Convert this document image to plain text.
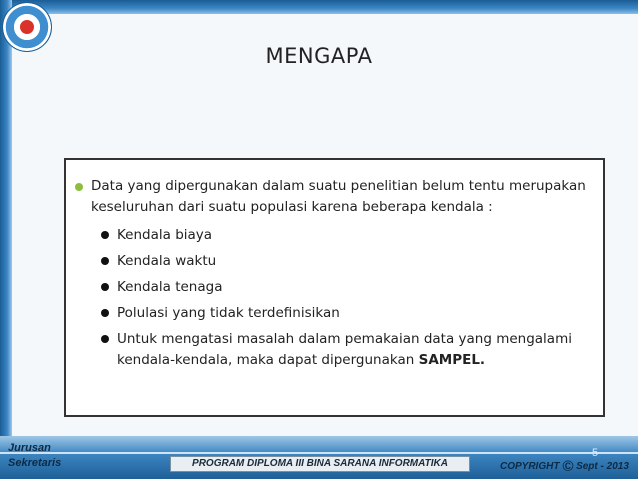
MENGAPA
Data yang dipergunakan dalam suatu penelitian belum tentu merupakan keseluruhan dari suatu populasi karena beberapa kendala :
Kendala biaya
Kendala waktu
Kendala tenaga
Polulasi yang tidak terdefinisikan
Untuk mengatasi masalah dalam pemakaian data yang mengalami kendala-kendala, maka dapat dipergunakan SAMPEL.
Jurusan
Sekretaris	PROGRAM DIPLOMA III BINA SARANA INFORMATIKA	COPYRIGHT © Sept - 2013
5
